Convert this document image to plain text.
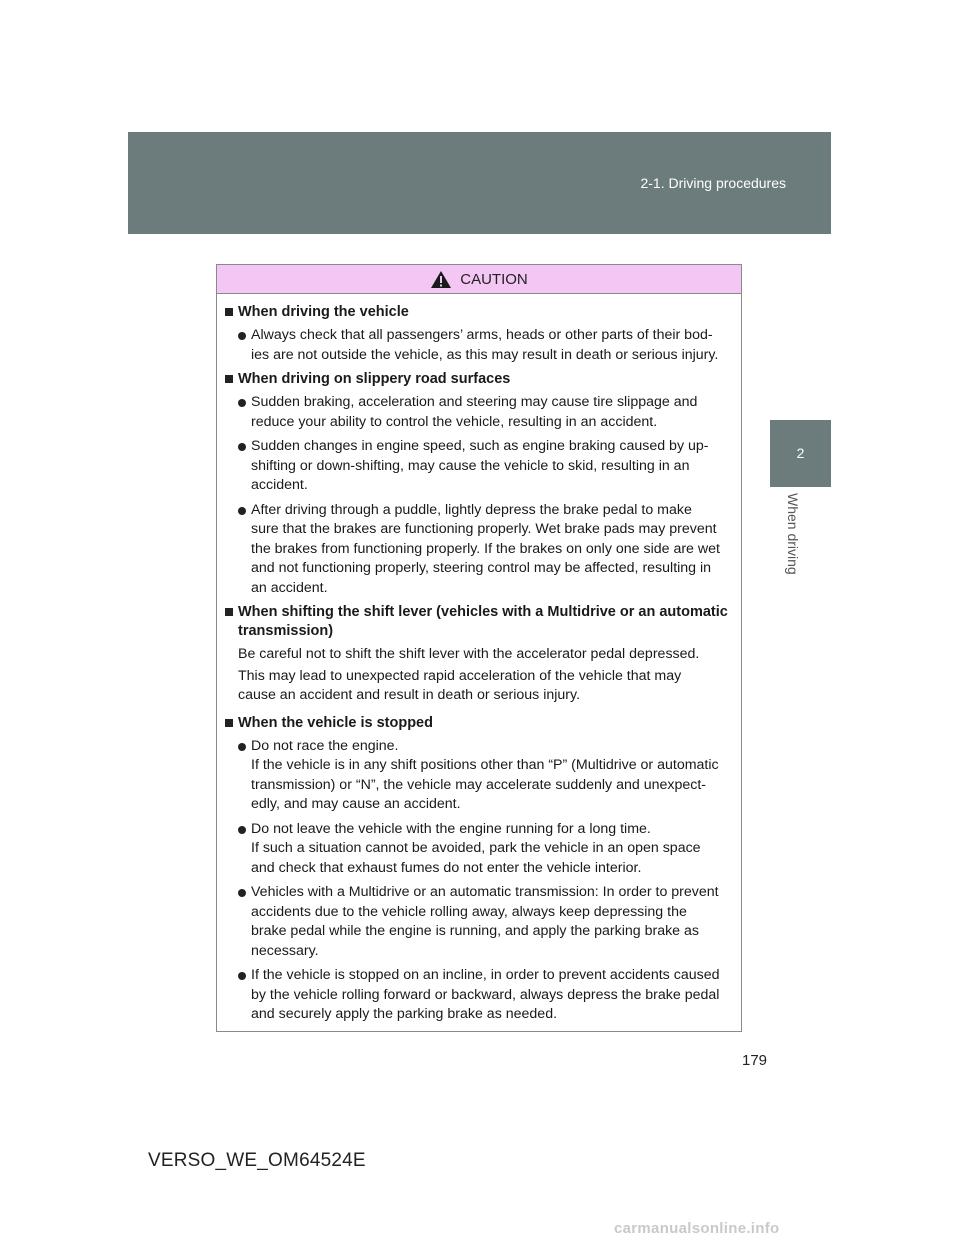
2-1. Driving procedures
2
When driving
CAUTION
When driving the vehicle
Always check that all passengers’ arms, heads or other parts of their bod-
ies are not outside the vehicle, as this may result in death or serious injury.
When driving on slippery road surfaces
Sudden braking, acceleration and steering may cause tire slippage and
reduce your ability to control the vehicle, resulting in an accident.
Sudden changes in engine speed, such as engine braking caused by up-
shifting or down-shifting, may cause the vehicle to skid, resulting in an
accident.
After driving through a puddle, lightly depress the brake pedal to make
sure that the brakes are functioning properly. Wet brake pads may prevent
the brakes from functioning properly. If the brakes on only one side are wet
and not functioning properly, steering control may be affected, resulting in
an accident.
When shifting the shift lever (vehicles with a Multidrive or an automatic
transmission)
Be careful not to shift the shift lever with the accelerator pedal depressed.
This may lead to unexpected rapid acceleration of the vehicle that may
cause an accident and result in death or serious injury.
When the vehicle is stopped
Do not race the engine.
If the vehicle is in any shift positions other than “P” (Multidrive or automatic
transmission) or “N”, the vehicle may accelerate suddenly and unexpect-
edly, and may cause an accident.
Do not leave the vehicle with the engine running for a long time.
If such a situation cannot be avoided, park the vehicle in an open space
and check that exhaust fumes do not enter the vehicle interior.
Vehicles with a Multidrive or an automatic transmission: In order to prevent
accidents due to the vehicle rolling away, always keep depressing the
brake pedal while the engine is running, and apply the parking brake as
necessary.
If the vehicle is stopped on an incline, in order to prevent accidents caused
by the vehicle rolling forward or backward, always depress the brake pedal
and securely apply the parking brake as needed.
179
VERSO_WE_OM64524E
carmanualsonline.info
